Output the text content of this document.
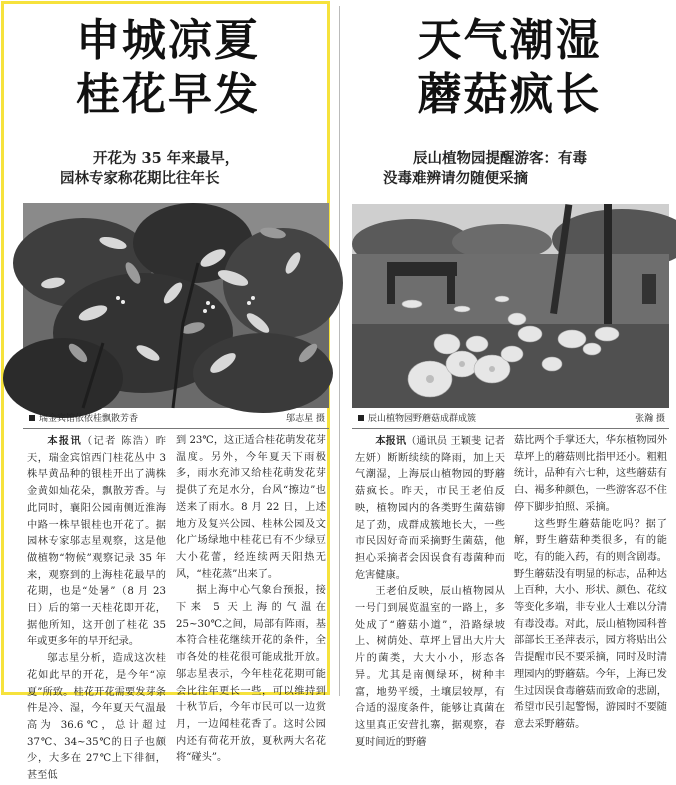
申城凉夏
桂花早发
开花为 35 年来最早，
园林专家称花期比往年长
瑞金宾馆依依桂飘散芳香	邬志星 摄

本报讯（记者 陈浩）昨天，瑞金宾馆西门桂花丛中 3 株早黄品种的银桂开出了满株金黄如灿花朵，飘散芳香。与此同时，襄阳公园南侧近淮海中路一株早银桂也开花了。据园林专家邬志星观察，这是他做植物“物候”观察记录 35 年来，观察到的上海桂花最早的花期，也是“处暑”（8 月 23 日）后的第一天桂花即开花，据他所知，这开创了桂花 35 年或更多年的早开纪录。

邬志星分析，造成这次桂花如此早的开花，是今年“凉夏”所致。桂花开花需要发芽条件是冷、湿，今年夏天气温最高为 36.6℃，总计超过 37℃、34~35℃的日子也颇少，大多在 27℃上下徘徊，甚至低

到 23℃，这正适合桂花萌发花芽温度。另外，今年夏天下雨极多，雨水充沛又给桂花萌发花芽提供了充足水分，台风“擦边”也送来了雨水。8 月 22 日，上述地方及复兴公园、桂林公园及文化广场绿地中桂花已有不少绿豆大小花蕾，经连续两天阳热无风，“桂花蒸”出来了。

据上海中心气象台预报，接下来 5 天上海的气温在 25~30℃之间，局部有阵雨，基本符合桂花继续开花的条件，全市各处的桂花很可能成批开放。邬志星表示，今年桂花花期可能会比往年更长一些，可以维持到十秋节后，今年市民可以一边赏月，一边闻桂花香了。这时公园内还有荷花开放，夏秋两大名花将“碰头”。

天气潮湿
蘑菇疯长
辰山植物园提醒游客：有毒
没毒难辨请勿随便采摘
辰山植物园野蘑菇成群成簇	张瀚 摄

本报讯（通讯员 王颖斐 记者 左妍）断断续续的降雨，加上天气潮湿，上海辰山植物园的野蘑菇疯长。昨天，市民王老伯反映，植物园内的各类野生菌菇铆足了劲，成群成簇地长大，一些市民因好奇而采摘野生菌菇，他担心采摘者会因误食有毒菌种而危害健康。

王老伯反映，辰山植物园从一号门到展览温室的一路上，多处成了“蘑菇小道”，沿路绿坡上、树荫处、草坪上冒出大片大片的菌类，大大小小，形态各异。尤其是南侧绿环，树种丰富，地势平缓，土壤层较厚，有合适的湿度条件，能够让真菌在这里真正安营扎寨，据观察，春夏时间近的野蘑

菇比两个手掌还大，华东植物园外草坪上的蘑菇则比指甲还小。粗粗统计，品种有六七种，这些蘑菇有白、褐多种颜色，一些游客忍不住停下脚步拍照、采摘。

这些野生蘑菇能吃吗？据了解，野生蘑菇种类很多，有的能吃，有的能入药，有的则含剧毒。野生蘑菇没有明显的标志，品种达上百种，大小、形状、颜色、花纹等变化多端，非专业人士难以分清有毒没毒。对此，辰山植物园科普部部长王圣萍表示，园方将贴出公告提醒市民不要采摘，同时及时清理园内的野蘑菇。今年，上海已发生过因误食毒蘑菇而致命的悲剧，希望市民引起警惕，游园时不要随意去采野蘑菇。
